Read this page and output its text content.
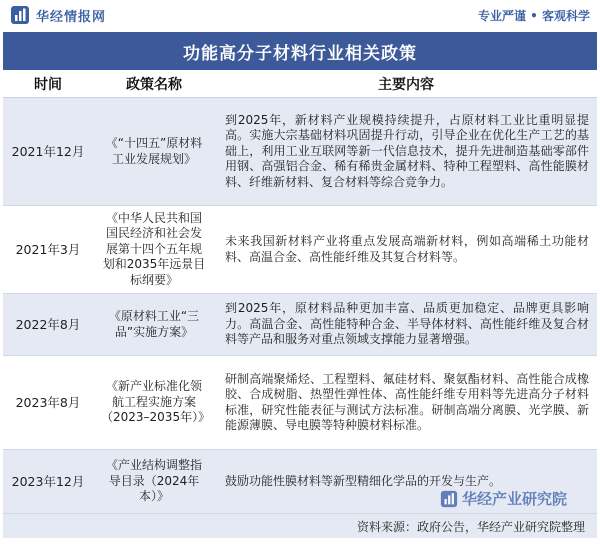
华经情报网	专业严谨 • 客观科学
功能高分子材料行业相关政策
时间	政策名称	主要内容
2021年12月	《“十四五”原材料工业发展规划》	到2025年，新材料产业规模持续提升，占原材料工业比重明显提高。实施大宗基础材料巩固提升行动，引导企业在优化生产工艺的基础上，利用工业互联网等新一代信息技术，提升先进制造基础零部件用钢、高强铝合金、稀有稀贵金属材料、特种工程塑料、高性能膜材料、纤维新材料、复合材料等综合竞争力。
2021年3月	《中华人民共和国国民经济和社会发展第十四个五年规划和2035年远景目标纲要》	未来我国新材料产业将重点发展高端新材料，例如高端稀土功能材料、高温合金、高性能纤维及其复合材料等。
2022年8月	《原材料工业“三品”实施方案》	到2025年，原材料品种更加丰富、品质更加稳定、品牌更具影响力。高温合金、高性能特种合金、半导体材料、高性能纤维及复合材料等产品和服务对重点领域支撑能力显著增强。
2023年8月	《新产业标准化领航工程实施方案（2023–2035年）》	研制高端聚烯烃、工程塑料、氟硅材料、聚氨酯材料、高性能合成橡胶、合成树脂、热塑性弹性体、高性能纤维专用料等先进高分子材料标准，研究性能表征与测试方法标准。研制高端分离膜、光学膜、新能源薄膜、导电膜等特种膜材料标准。
2023年12月	《产业结构调整指导目录（2024年本）》	鼓励功能性膜材料等新型精细化学品的开发与生产。
华经产业研究院
资料来源：政府公告，华经产业研究院整理
